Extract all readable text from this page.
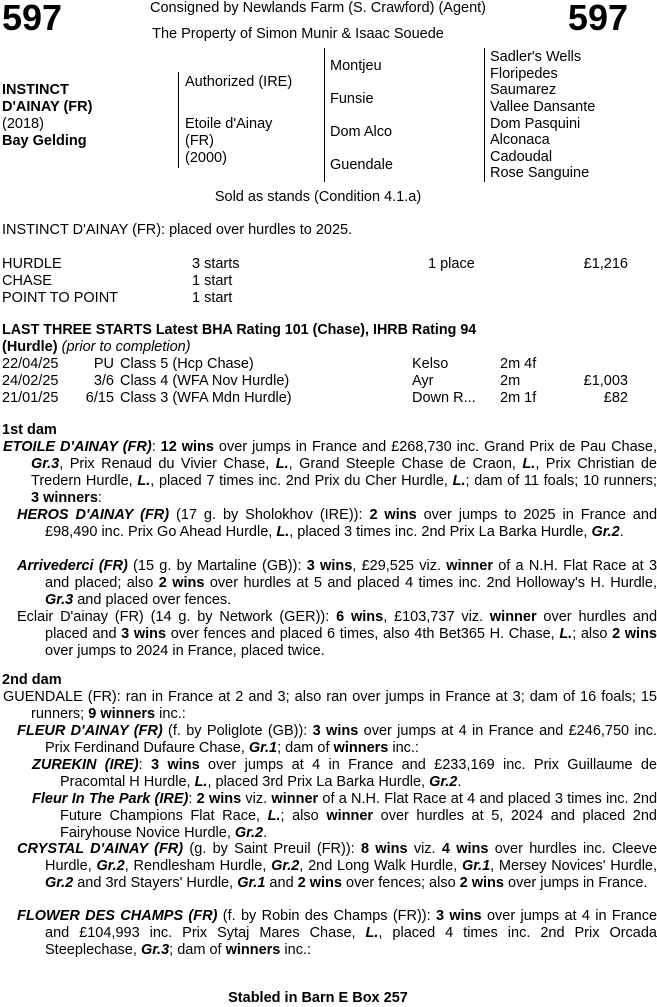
597	597
Consigned by Newlands Farm (S. Crawford) (Agent)
The Property of Simon Munir & Isaac Souede
INSTINCT
D'AINAY (FR)
(2018)
Bay Gelding
Authorized (IRE)
Etoile d'Ainay
(FR)
(2000)
Montjeu
Funsie
Dom Alco
Guendale
Sadler's Wells
Floripedes
Saumarez
Vallee Dansante
Dom Pasquini
Alconaca
Cadoudal
Rose Sanguine
Sold as stands (Condition 4.1.a)
INSTINCT D'AINAY (FR): placed over hurdles to 2025.
HURDLE	3 starts	1 place	£1,216
CHASE	1 start		
POINT TO POINT	1 start		
LAST THREE STARTS Latest BHA Rating 101 (Chase), IHRB Rating 94
(Hurdle) (prior to completion)
22/04/25	PU	Class 5 (Hcp Chase)	Kelso	2m 4f	
24/02/25	3/6	Class 4 (WFA Nov Hurdle)	Ayr	2m	£1,003
21/01/25	6/15	Class 3 (WFA Mdn Hurdle)	Down R...	2m 1f	£82
1st dam
ETOILE D'AINAY (FR): 12 wins over jumps in France and £268,730 inc. Grand Prix de Pau Chase, Gr.3, Prix Renaud du Vivier Chase, L., Grand Steeple Chase de Craon, L., Prix Christian de Tredern Hurdle, L., placed 7 times inc. 2nd Prix du Cher Hurdle, L.; dam of 11 foals; 10 runners; 3 winners:
HEROS D'AINAY (FR) (17 g. by Sholokhov (IRE)): 2 wins over jumps to 2025 in France and £98,490 inc. Prix Go Ahead Hurdle, L., placed 3 times inc. 2nd Prix La Barka Hurdle, Gr.2.
Arrivederci (FR) (15 g. by Martaline (GB)): 3 wins, £29,525 viz. winner of a N.H. Flat Race at 3 and placed; also 2 wins over hurdles at 5 and placed 4 times inc. 2nd Holloway's H. Hurdle, Gr.3 and placed over fences.
Eclair D'ainay (FR) (14 g. by Network (GER)): 6 wins, £103,737 viz. winner over hurdles and placed and 3 wins over fences and placed 6 times, also 4th Bet365 H. Chase, L.; also 2 wins over jumps to 2024 in France, placed twice.
2nd dam
GUENDALE (FR): ran in France at 2 and 3; also ran over jumps in France at 3; dam of 16 foals; 15 runners; 9 winners inc.:
FLEUR D'AINAY (FR) (f. by Poliglote (GB)): 3 wins over jumps at 4 in France and £246,750 inc. Prix Ferdinand Dufaure Chase, Gr.1; dam of winners inc.:
ZUREKIN (IRE): 3 wins over jumps at 4 in France and £233,169 inc. Prix Guillaume de Pracomtal H Hurdle, L., placed 3rd Prix La Barka Hurdle, Gr.2.
Fleur In The Park (IRE): 2 wins viz. winner of a N.H. Flat Race at 4 and placed 3 times inc. 2nd Future Champions Flat Race, L.; also winner over hurdles at 5, 2024 and placed 2nd Fairyhouse Novice Hurdle, Gr.2.
CRYSTAL D'AINAY (FR) (g. by Saint Preuil (FR)): 8 wins viz. 4 wins over hurdles inc. Cleeve Hurdle, Gr.2, Rendlesham Hurdle, Gr.2, 2nd Long Walk Hurdle, Gr.1, Mersey Novices' Hurdle, Gr.2 and 3rd Stayers' Hurdle, Gr.1 and 2 wins over fences; also 2 wins over jumps in France.
FLOWER DES CHAMPS (FR) (f. by Robin des Champs (FR)): 3 wins over jumps at 4 in France and £104,993 inc. Prix Sytaj Mares Chase, L., placed 4 times inc. 2nd Prix Orcada Steeplechase, Gr.3; dam of winners inc.:
Stabled in Barn E Box 257
